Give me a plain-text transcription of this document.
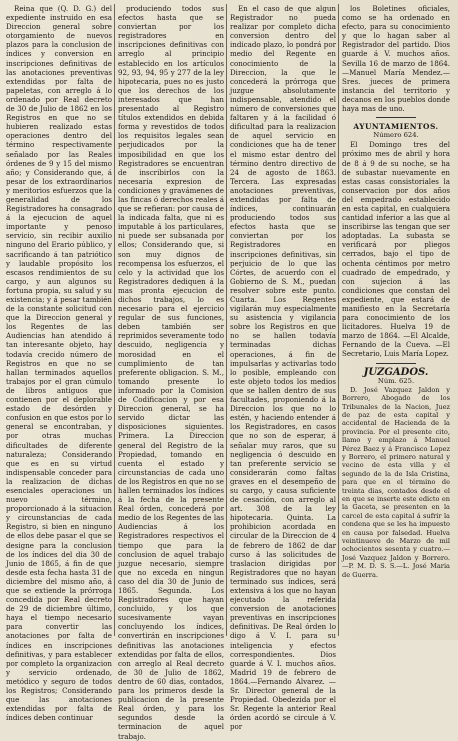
Reina que (Q. D. G.) del expediente instruido en esa Direccion general sobre otorgamiento de nuevos plazos para la conclusion de índices y conversion en inscripciones definitivas de las anotaciones preventivas extendidas por falta de papeletas, con arreglo á lo ordenado por Real decreto de 30 de Julio de 1862 en los Registros en que no se hubieren realizado estas operaciones dentro del término respectivamente señalado por las Reales órdenes de 9 y 15 del mismo año; y Considerando que, á pesar de los extraordinarios y meritorios esfuerzos que la generalidad de los Registradores ha consagrado á la ejecucion de aquel importante y penoso servicio, sin recibir auxilio ninguno del Erario público, y sacrificando á tan patriótico y laudable propósito los escasos rendimientos de su cargo, y aun algunos su fortuna propia, su salud y su existencia; y á pesar también de la constante solicitud con que la Direccion general y los Regentes de las Audiencias han atendido á tan interesante objeto, hay todavía crecido número de Registros en que no se hallan terminados aquellos trabajos por el gran cúmulo de libros antiguos que contienen por el deplorable estado de desórden y confusion en que estos por lo general se encontraban, y por otras muchas dificultades de diferente naturaleza; Considerando que es en su virtud indispensable conceder para la realizacion de dichas esenciales operaciones un nuevo término, proporcionado á la situacion y circunstancias de cada Registro, si bien en ninguno de ellos debe pasar el que se designe para la conclusion de los índices del dia 30 de Junio de 1865, á fin de que desde esta fecha hasta 31 de diciembre del mismo año, á que se extiende la prórroga concedida por Real decreto de 29 de diciembre último, haya el tiempo necesario para convertir las anotaciones por falta de índices en inscripciones definitivas, y para establecer por completo la organizacion y servicio ordenado, metódico y seguro de todos los Registros; Considerando que las anotaciones extendidas por falta de índices deben continuar

produciendo todos sus efectos hasta que se conviertan por los registradores en inscripciones definitivas con arreglo al principio establecido en los artículos 92, 93, 94, 95 y 277 de la ley hipotecaria, pues no es justo que los derechos de los interesados que han presentado al Registro títulos extendidos en debida forma y revestidos de todos los requisitos legales sean perjudicados por la imposibilidad en que los Registradores se encuentran de inscribirlos con la necesaria expresion de condiciones y gravámenes de las fincas ó derechos reales á que se refieran: por causa de la indicada falta, que ni es imputable á los particulares, ni puede ser subsanada por ellos; Considerando que, si son muy dignos de recompensa los esfuerzos, el celo y la actividad que los Registradores dediquen á la mas pronta ejecucion de dichos trabajos, lo es necesario para el ejercicio regular de sus funciones, deben también ser reprimidos severamente todo descuido, negligencia y morosidad en el cumplimiento de tan preferente obligacion. S. M., tomando presente lo informado por la Comision de Codificacion y por esa Direccion general, se ha servido dictar las disposiciones siguientes. Primera. La Direccion general del Registro de la Propiedad, tomando en cuenta el estado y circunstancias de cada uno de los Registros en que no se hallen terminados los índices á la fecha de la presente Real órden, concederá por medio de los Regentes de las Audiencias á los Registradores respectivos el tiempo que para la conclusion de aquel trabajo juzgue necesario, siempre que no exceda en ningun caso del dia 30 de Junio de 1865. Segunda. Los Registradores que hayan concluido, y los que sucesivamente vayan concluyendo los índices, convertirán en inscripciones definitivas las anotaciones extendidas por falta de ellos, con arreglo al Real decreto de 30 de Julio de 1862, dentro de 60 dias, contados, para los primeros desde la publicacion de la presente Real órden, y para los segundos desde la terminacion de aquel trabajo.

En el caso de que algun Registrador no pueda realizar por completo dicha conversion dentro del indicado plazo, lo pondrá por medio del Regente en conocimiento de la Direccion, la que le concederá la prórroga que juzgue absolutamente indispensable, atendido el número de conversiones que faltaren y á la facilidad ó dificultad para la realizacion de aquel servicio en condiciones que ha de tener el mismo estar dentro del término dentro directivo de 24 de agosto de 1863. Tercera. Las expresadas anotaciones preventivas, extendidas por falta de índices, continuarán produciendo todos sus efectos hasta que se conviertan por los Registradores en inscripciones definitivas, sin perjuicio de lo que las Córtes, de acuerdo con el Gobierno de S. M., puedan resolver sobre este punto. Cuarta. Los Regentes vigilarán muy especialmente su asistencia y vigilancia sobre los Registros en que no se hallen todavía terminadas dichas operaciones, á fin de impulsarlas y activarlas todo lo posible, empleando con este objeto todos los medios que se hallen dentro de sus facultades, proponiendo á la Direccion los que no lo estén, y haciendo entender á los Registradores, en casos que no son de esperar, á señalar muy raros, que su negligencia ó descuido en tan preferente servicio se considerarán como faltas graves en el desempeño de su cargo, y causa suficiente de cesación, con arreglo al art. 308 de la ley hipotecaria. Quinta. La prohibicion acordada en circular de la Direccion de 4 de febrero de 1862 de dar curso á las solicitudes de traslacion dirigidas por Registradores que no hayan terminado sus índices, será extensiva á los que no hayan ejecutado la referida conversion de anotaciones preventivas en inscripciones definitivas. De Real órden lo digo á V. I. para su inteligencia y efectos correspondientes. Dios guarde á V. I. muchos años. Madrid 19 de febrero de 1864.—Fernando Alvarez. —Sr. Director general de la Propiedad. Obedezida por el Sr. Regente la anterior Real órden acordó se circule á V. por

los Boletines oficiales, como se ha ordenado en efecto, para su conocimiento y que lo hagan saber al Registrador del partido. Dios guarde á V. muchos años. Sevilla 16 de marzo de 1864. —Manuel María Mendez.—Sres. jueces de primera instancia del territorio y decanos en los pueblos donde haya mas de uno.

AYUNTAMIENTOS.

Número 624.

El Domingo tres del próximo mes de abril y hora de 8 á 9 de su noche, se ha de subastar nuevamente en estas casas consistoriales la conservacion por dos años del empedrado establecido en esta capital, en cualquiera cantidad inferior a las que al inscribirse las tengan que ser adoptadas. La subasta se verificará por pliegos cerrados, bajo el tipo de ochenta céntimos por metro cuadrado de empedrado, y con sujecion á las condiciones que constan del expediente, que estará de manifiesto en la Secretaría para conocimiento de los licitadores. Huelva 19 de marzo de 1864. —El Alcalde, Fernando de la Cueva. —El Secretario, Luis María Lopez.

JUZGADOS.

Núm. 625.

D. José Vazquez Jaldon y Borrero, Abogado de los Tribunales de la Nacion, Juez de paz de esta capital y accidental de Hacienda de la provincia. Por el presente cito, llamo y emplazo á Manuel Pérez Baez y á Francisco Lopez y Borrero, el primero natural y vecino de esta villa y el segundo de la de Isla Cristina, para que en el término de treinta dias, contados desde el en que se inserte este edicto en la Gaceta, se presenten en la carcel de esta capital á sufrir la condena que se les ha impuesto en causa por falsedad. Huelva veintinueve de Marzo de mil ochocientos sesenta y cuatro.—José Vazquez Jaldon y Borrero.—P. M. D. S. S.—L. José Maria de Guerra.
